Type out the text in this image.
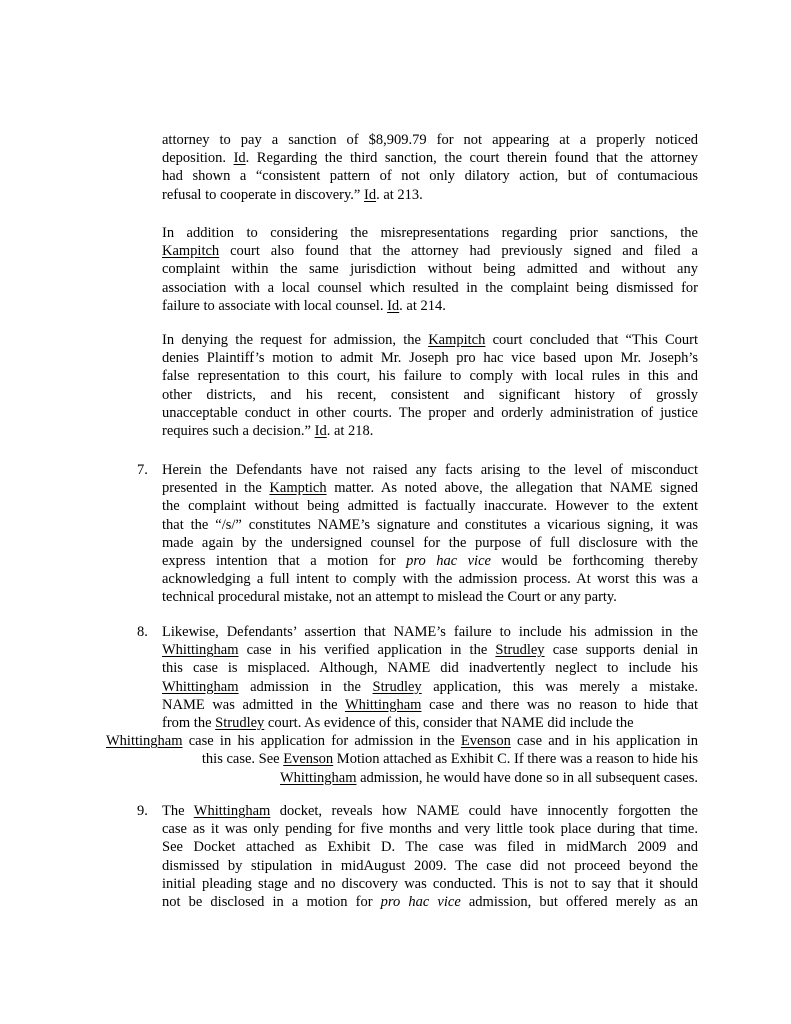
attorney to pay a sanction of $8,909.79 for not appearing at a properly noticed
deposition. Id. Regarding the third sanction, the court therein found that the attorney
had shown a “consistent pattern of not only dilatory action, but of contumacious
refusal to cooperate in discovery.” Id. at 213.
In addition to considering the misrepresentations regarding prior sanctions, the
Kampitch court also found that the attorney had previously signed and filed a
complaint within the same jurisdiction without being admitted and without any
association with a local counsel which resulted in the complaint being dismissed for
failure to associate with local counsel. Id. at 214.
In denying the request for admission, the Kampitch court concluded that “This Court
denies Plaintiff’s motion to admit Mr. Joseph pro hac vice based upon Mr. Joseph’s
false representation to this court, his failure to comply with local rules in this and
other districts, and his recent, consistent and significant history of grossly
unacceptable conduct in other courts. The proper and orderly administration of justice
requires such a decision.” Id. at 218.
7. Herein the Defendants have not raised any facts arising to the level of misconduct
presented in the Kamptich matter. As noted above, the allegation that NAME signed
the complaint without being admitted is factually inaccurate. However to the extent
that the “/s/” constitutes NAME’s signature and constitutes a vicarious signing, it was
made again by the undersigned counsel for the purpose of full disclosure with the
express intention that a motion for pro hac vice would be forthcoming thereby
acknowledging a full intent to comply with the admission process. At worst this was a
technical procedural mistake, not an attempt to mislead the Court or any party.
8. Likewise, Defendants’ assertion that NAME’s failure to include his admission in the
Whittingham case in his verified application in the Strudley case supports denial in
this case is misplaced. Although, NAME did inadvertently neglect to include his
Whittingham admission in the Strudley application, this was merely a mistake.
NAME was admitted in the Whittingham case and there was no reason to hide that
from the Strudley court. As evidence of this, consider that NAME did include the
Whittingham case in his application for admission in the Evenson case and in his application in
this case. See Evenson Motion attached as Exhibit C. If there was a reason to hide his
Whittingham admission, he would have done so in all subsequent cases.
9. The Whittingham docket, reveals how NAME could have innocently forgotten the
case as it was only pending for five months and very little took place during that time.
See Docket attached as Exhibit D. The case was filed in midMarch 2009 and
dismissed by stipulation in midAugust 2009. The case did not proceed beyond the
initial pleading stage and no discovery was conducted. This is not to say that it should
not be disclosed in a motion for pro hac vice admission, but offered merely as an
